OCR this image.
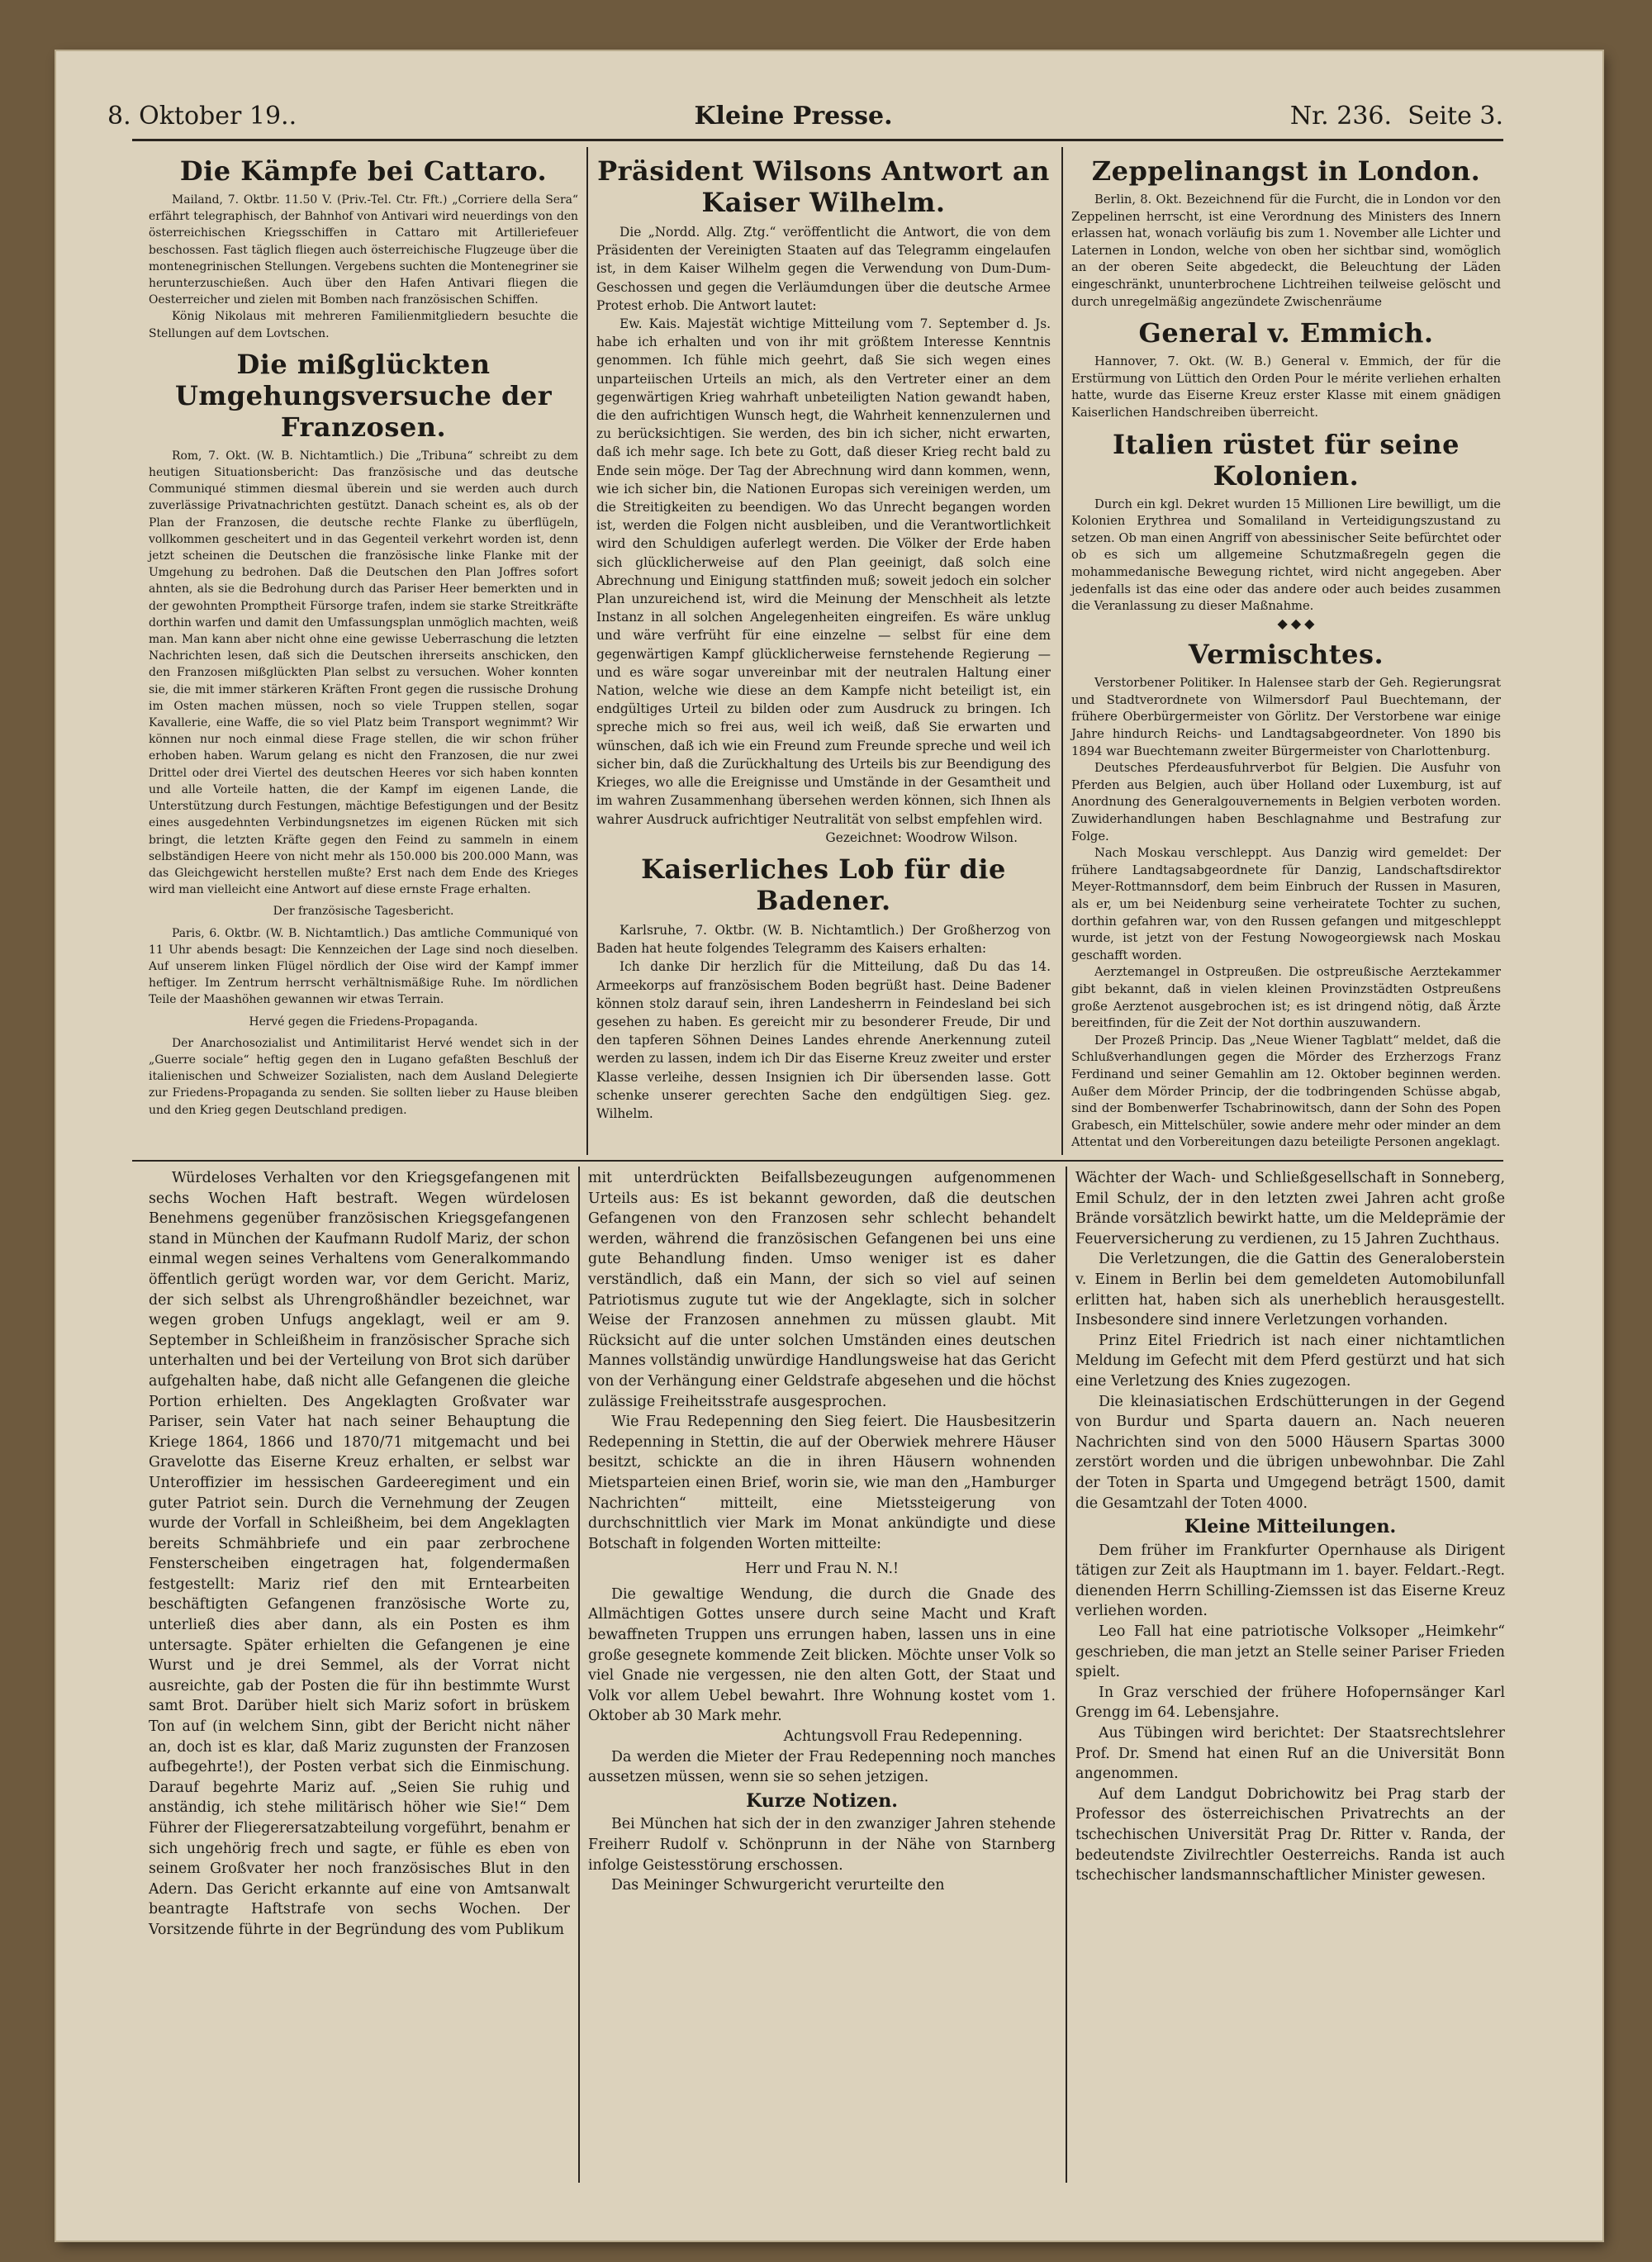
8. Oktober 19..	Kleine Presse.	Nr. 236. Seite 3.
Die Kämpfe bei Cattaro.

Mailand, 7. Oktbr. 11.50 V. (Priv.-Tel. Ctr. Fft.) „Corriere della Sera“ erfährt telegraphisch, der Bahnhof von Antivari wird neuerdings von den österreichischen Kriegsschiffen in Cattaro mit Artilleriefeuer beschossen. Fast täglich fliegen auch österreichische Flugzeuge über die montenegrinischen Stellungen. Vergebens suchten die Montenegriner sie herunterzuschießen. Auch über den Hafen Antivari fliegen die Oesterreicher und zielen mit Bomben nach französischen Schiffen.

König Nikolaus mit mehreren Familienmitgliedern besuchte die Stellungen auf dem Lovtschen.

Die mißglückten Umgehungsversuche der Franzosen.

Rom, 7. Okt. (W. B. Nichtamtlich.) Die „Tribuna“ schreibt zu dem heutigen Situationsbericht: Das französische und das deutsche Communiqué stimmen diesmal überein und sie werden auch durch zuverlässige Privatnachrichten gestützt. Danach scheint es, als ob der Plan der Franzosen, die deutsche rechte Flanke zu überflügeln, vollkommen gescheitert und in das Gegenteil verkehrt worden ist, denn jetzt scheinen die Deutschen die französische linke Flanke mit der Umgehung zu bedrohen. Daß die Deutschen den Plan Joffres sofort ahnten, als sie die Bedrohung durch das Pariser Heer bemerkten und in der gewohnten Promptheit Fürsorge trafen, indem sie starke Streitkräfte dorthin warfen und damit den Umfassungsplan unmöglich machten, weiß man. Man kann aber nicht ohne eine gewisse Ueberraschung die letzten Nachrichten lesen, daß sich die Deutschen ihrerseits anschicken, den den Franzosen mißglückten Plan selbst zu versuchen. Woher konnten sie, die mit immer stärkeren Kräften Front gegen die russische Drohung im Osten machen müssen, noch so viele Truppen stellen, sogar Kavallerie, eine Waffe, die so viel Platz beim Transport wegnimmt? Wir können nur noch einmal diese Frage stellen, die wir schon früher erhoben haben. Warum gelang es nicht den Franzosen, die nur zwei Drittel oder drei Viertel des deutschen Heeres vor sich haben konnten und alle Vorteile hatten, die der Kampf im eigenen Lande, die Unterstützung durch Festungen, mächtige Befestigungen und der Besitz eines ausgedehnten Verbindungsnetzes im eigenen Rücken mit sich bringt, die letzten Kräfte gegen den Feind zu sammeln in einem selbständigen Heere von nicht mehr als 150.000 bis 200.000 Mann, was das Gleichgewicht herstellen mußte? Erst nach dem Ende des Krieges wird man vielleicht eine Antwort auf diese ernste Frage erhalten.

Der französische Tagesbericht.

Paris, 6. Oktbr. (W. B. Nichtamtlich.) Das amtliche Communiqué von 11 Uhr abends besagt: Die Kennzeichen der Lage sind noch dieselben. Auf unserem linken Flügel nördlich der Oise wird der Kampf immer heftiger. Im Zentrum herrscht verhältnismäßige Ruhe. Im nördlichen Teile der Maashöhen gewannen wir etwas Terrain.

Hervé gegen die Friedens-Propaganda.

Der Anarchosozialist und Antimilitarist Hervé wendet sich in der „Guerre sociale“ heftig gegen den in Lugano gefaßten Beschluß der italienischen und Schweizer Sozialisten, nach dem Ausland Delegierte zur Friedens-Propaganda zu senden. Sie sollten lieber zu Hause bleiben und den Krieg gegen Deutschland predigen.

Präsident Wilsons Antwort an Kaiser Wilhelm.

Die „Nordd. Allg. Ztg.“ veröffentlicht die Antwort, die von dem Präsidenten der Vereinigten Staaten auf das Telegramm eingelaufen ist, in dem Kaiser Wilhelm gegen die Verwendung von Dum-Dum-Geschossen und gegen die Verläumdungen über die deutsche Armee Protest erhob. Die Antwort lautet:

Ew. Kais. Majestät wichtige Mitteilung vom 7. September d. Js. habe ich erhalten und von ihr mit größtem Interesse Kenntnis genommen. Ich fühle mich geehrt, daß Sie sich wegen eines unparteiischen Urteils an mich, als den Vertreter einer an dem gegenwärtigen Krieg wahrhaft unbeteiligten Nation gewandt haben, die den aufrichtigen Wunsch hegt, die Wahrheit kennenzulernen und zu berücksichtigen. Sie werden, des bin ich sicher, nicht erwarten, daß ich mehr sage. Ich bete zu Gott, daß dieser Krieg recht bald zu Ende sein möge. Der Tag der Abrechnung wird dann kommen, wenn, wie ich sicher bin, die Nationen Europas sich vereinigen werden, um die Streitigkeiten zu beendigen. Wo das Unrecht begangen worden ist, werden die Folgen nicht ausbleiben, und die Verantwortlichkeit wird den Schuldigen auferlegt werden. Die Völker der Erde haben sich glücklicherweise auf den Plan geeinigt, daß solch eine Abrechnung und Einigung stattfinden muß; soweit jedoch ein solcher Plan unzureichend ist, wird die Meinung der Menschheit als letzte Instanz in all solchen Angelegenheiten eingreifen. Es wäre unklug und wäre verfrüht für eine einzelne — selbst für eine dem gegenwärtigen Kampf glücklicherweise fernstehende Regierung — und es wäre sogar unvereinbar mit der neutralen Haltung einer Nation, welche wie diese an dem Kampfe nicht beteiligt ist, ein endgültiges Urteil zu bilden oder zum Ausdruck zu bringen. Ich spreche mich so frei aus, weil ich weiß, daß Sie erwarten und wünschen, daß ich wie ein Freund zum Freunde spreche und weil ich sicher bin, daß die Zurückhaltung des Urteils bis zur Beendigung des Krieges, wo alle die Ereignisse und Umstände in der Gesamtheit und im wahren Zusammenhang übersehen werden können, sich Ihnen als wahrer Ausdruck aufrichtiger Neutralität von selbst empfehlen wird.

Gezeichnet: Woodrow Wilson.

Kaiserliches Lob für die Badener.

Karlsruhe, 7. Oktbr. (W. B. Nichtamtlich.) Der Großherzog von Baden hat heute folgendes Telegramm des Kaisers erhalten:

Ich danke Dir herzlich für die Mitteilung, daß Du das 14. Armeekorps auf französischem Boden begrüßt hast. Deine Badener können stolz darauf sein, ihren Landesherrn in Feindesland bei sich gesehen zu haben. Es gereicht mir zu besonderer Freude, Dir und den tapferen Söhnen Deines Landes ehrende Anerkennung zuteil werden zu lassen, indem ich Dir das Eiserne Kreuz zweiter und erster Klasse verleihe, dessen Insignien ich Dir übersenden lasse. Gott schenke unserer gerechten Sache den endgültigen Sieg. gez. Wilhelm.

Zeppelinangst in London.

Berlin, 8. Okt. Bezeichnend für die Furcht, die in London vor den Zeppelinen herrscht, ist eine Verordnung des Ministers des Innern erlassen hat, wonach vorläufig bis zum 1. November alle Lichter und Laternen in London, welche von oben her sichtbar sind, womöglich an der oberen Seite abgedeckt, die Beleuchtung der Läden eingeschränkt, ununterbrochene Lichtreihen teilweise gelöscht und durch unregelmäßig angezündete Zwischenräume

General v. Emmich.

Hannover, 7. Okt. (W. B.) General v. Emmich, der für die Erstürmung von Lüttich den Orden Pour le mérite verliehen erhalten hatte, wurde das Eiserne Kreuz erster Klasse mit einem gnädigen Kaiserlichen Handschreiben überreicht.

Italien rüstet für seine Kolonien.

Durch ein kgl. Dekret wurden 15 Millionen Lire bewilligt, um die Kolonien Erythrea und Somaliland in Verteidigungszustand zu setzen. Ob man einen Angriff von abessinischer Seite befürchtet oder ob es sich um allgemeine Schutzmaßregeln gegen die mohammedanische Bewegung richtet, wird nicht angegeben. Aber jedenfalls ist das eine oder das andere oder auch beides zusammen die Veranlassung zu dieser Maßnahme.

◆◆◆

Vermischtes.

Verstorbener Politiker. In Halensee starb der Geh. Regierungsrat und Stadtverordnete von Wilmersdorf Paul Buechtemann, der frühere Oberbürgermeister von Görlitz. Der Verstorbene war einige Jahre hindurch Reichs- und Landtagsabgeordneter. Von 1890 bis 1894 war Buechtemann zweiter Bürgermeister von Charlottenburg.

Deutsches Pferdeausfuhrverbot für Belgien. Die Ausfuhr von Pferden aus Belgien, auch über Holland oder Luxemburg, ist auf Anordnung des Generalgouvernements in Belgien verboten worden. Zuwiderhandlungen haben Beschlagnahme und Bestrafung zur Folge.

Nach Moskau verschleppt. Aus Danzig wird gemeldet: Der frühere Landtagsabgeordnete für Danzig, Landschaftsdirektor Meyer-Rottmannsdorf, dem beim Einbruch der Russen in Masuren, als er, um bei Neidenburg seine verheiratete Tochter zu suchen, dorthin gefahren war, von den Russen gefangen und mitgeschleppt wurde, ist jetzt von der Festung Nowogeorgiewsk nach Moskau geschafft worden.

Aerztemangel in Ostpreußen. Die ostpreußische Aerztekammer gibt bekannt, daß in vielen kleinen Provinzstädten Ostpreußens große Aerztenot ausgebrochen ist; es ist dringend nötig, daß Ärzte bereitfinden, für die Zeit der Not dorthin auszuwandern.

Der Prozeß Princip. Das „Neue Wiener Tagblatt“ meldet, daß die Schlußverhandlungen gegen die Mörder des Erzherzogs Franz Ferdinand und seiner Gemahlin am 12. Oktober beginnen werden. Außer dem Mörder Princip, der die todbringenden Schüsse abgab, sind der Bombenwerfer Tschabrinowitsch, dann der Sohn des Popen Grabesch, ein Mittelschüler, sowie andere mehr oder minder an dem Attentat und den Vorbereitungen dazu beteiligte Personen angeklagt.

Würdeloses Verhalten vor den Kriegsgefangenen mit sechs Wochen Haft bestraft. Wegen würdelosen Benehmens gegenüber französischen Kriegsgefangenen stand in München der Kaufmann Rudolf Mariz, der schon einmal wegen seines Verhaltens vom Generalkommando öffentlich gerügt worden war, vor dem Gericht. Mariz, der sich selbst als Uhrengroßhändler bezeichnet, war wegen groben Unfugs angeklagt, weil er am 9. September in Schleißheim in französischer Sprache sich unterhalten und bei der Verteilung von Brot sich darüber aufgehalten habe, daß nicht alle Gefangenen die gleiche Portion erhielten. Des Angeklagten Großvater war Pariser, sein Vater hat nach seiner Behauptung die Kriege 1864, 1866 und 1870/71 mitgemacht und bei Gravelotte das Eiserne Kreuz erhalten, er selbst war Unteroffizier im hessischen Gardeeregiment und ein guter Patriot sein. Durch die Vernehmung der Zeugen wurde der Vorfall in Schleißheim, bei dem Angeklagten bereits Schmähbriefe und ein paar zerbrochene Fensterscheiben eingetragen hat, folgendermaßen festgestellt: Mariz rief den mit Erntearbeiten beschäftigten Gefangenen französische Worte zu, unterließ dies aber dann, als ein Posten es ihm untersagte. Später erhielten die Gefangenen je eine Wurst und je drei Semmel, als der Vorrat nicht ausreichte, gab der Posten die für ihn bestimmte Wurst samt Brot. Darüber hielt sich Mariz sofort in brüskem Ton auf (in welchem Sinn, gibt der Bericht nicht näher an, doch ist es klar, daß Mariz zugunsten der Franzosen aufbegehrte!), der Posten verbat sich die Einmischung. Darauf begehrte Mariz auf. „Seien Sie ruhig und anständig, ich stehe militärisch höher wie Sie!“ Dem Führer der Fliegerersatzabteilung vorgeführt, benahm er sich ungehörig frech und sagte, er fühle es eben von seinem Großvater her noch französisches Blut in den Adern. Das Gericht erkannte auf eine von Amtsanwalt beantragte Haftstrafe von sechs Wochen. Der Vorsitzende führte in der Begründung des vom Publikum

mit unterdrückten Beifallsbezeugungen aufgenommenen Urteils aus: Es ist bekannt geworden, daß die deutschen Gefangenen von den Franzosen sehr schlecht behandelt werden, während die französischen Gefangenen bei uns eine gute Behandlung finden. Umso weniger ist es daher verständlich, daß ein Mann, der sich so viel auf seinen Patriotismus zugute tut wie der Angeklagte, sich in solcher Weise der Franzosen annehmen zu müssen glaubt. Mit Rücksicht auf die unter solchen Umständen eines deutschen Mannes vollständig unwürdige Handlungsweise hat das Gericht von der Verhängung einer Geldstrafe abgesehen und die höchst zulässige Freiheitsstrafe ausgesprochen.

Wie Frau Redepenning den Sieg feiert. Die Hausbesitzerin Redepenning in Stettin, die auf der Oberwiek mehrere Häuser besitzt, schickte an die in ihren Häusern wohnenden Mietsparteien einen Brief, worin sie, wie man den „Hamburger Nachrichten“ mitteilt, eine Mietssteigerung von durchschnittlich vier Mark im Monat ankündigte und diese Botschaft in folgenden Worten mitteilte:

Herr und Frau N. N.!

Die gewaltige Wendung, die durch die Gnade des Allmächtigen Gottes unsere durch seine Macht und Kraft bewaffneten Truppen uns errungen haben, lassen uns in eine große gesegnete kommende Zeit blicken. Möchte unser Volk so viel Gnade nie vergessen, nie den alten Gott, der Staat und Volk vor allem Uebel bewahrt. Ihre Wohnung kostet vom 1. Oktober ab 30 Mark mehr.

Achtungsvoll Frau Redepenning.

Da werden die Mieter der Frau Redepenning noch manches aussetzen müssen, wenn sie so sehen jetzigen.

Kurze Notizen.

Bei München hat sich der in den zwanziger Jahren stehende Freiherr Rudolf v. Schönprunn in der Nähe von Starnberg infolge Geistesstörung erschossen.

Das Meininger Schwurgericht verurteilte den

Wächter der Wach- und Schließgesellschaft in Sonneberg, Emil Schulz, der in den letzten zwei Jahren acht große Brände vorsätzlich bewirkt hatte, um die Meldeprämie der Feuerversicherung zu verdienen, zu 15 Jahren Zuchthaus.

Die Verletzungen, die die Gattin des Generaloberstein v. Einem in Berlin bei dem gemeldeten Automobilunfall erlitten hat, haben sich als unerheblich herausgestellt. Insbesondere sind innere Verletzungen vorhanden.

Prinz Eitel Friedrich ist nach einer nichtamtlichen Meldung im Gefecht mit dem Pferd gestürzt und hat sich eine Verletzung des Knies zugezogen.

Die kleinasiatischen Erdschütterungen in der Gegend von Burdur und Sparta dauern an. Nach neueren Nachrichten sind von den 5000 Häusern Spartas 3000 zerstört worden und die übrigen unbewohnbar. Die Zahl der Toten in Sparta und Umgegend beträgt 1500, damit die Gesamtzahl der Toten 4000.

Kleine Mitteilungen.

Dem früher im Frankfurter Opernhause als Dirigent tätigen zur Zeit als Hauptmann im 1. bayer. Feldart.-Regt. dienenden Herrn Schilling-Ziemssen ist das Eiserne Kreuz verliehen worden.

Leo Fall hat eine patriotische Volksoper „Heimkehr“ geschrieben, die man jetzt an Stelle seiner Pariser Frieden spielt.

In Graz verschied der frühere Hofopernsänger Karl Grengg im 64. Lebensjahre.

Aus Tübingen wird berichtet: Der Staatsrechtslehrer Prof. Dr. Smend hat einen Ruf an die Universität Bonn angenommen.

Auf dem Landgut Dobrichowitz bei Prag starb der Professor des österreichischen Privatrechts an der tschechischen Universität Prag Dr. Ritter v. Randa, der bedeutendste Zivilrechtler Oesterreichs. Randa ist auch tschechischer landsmannschaftlicher Minister gewesen.
